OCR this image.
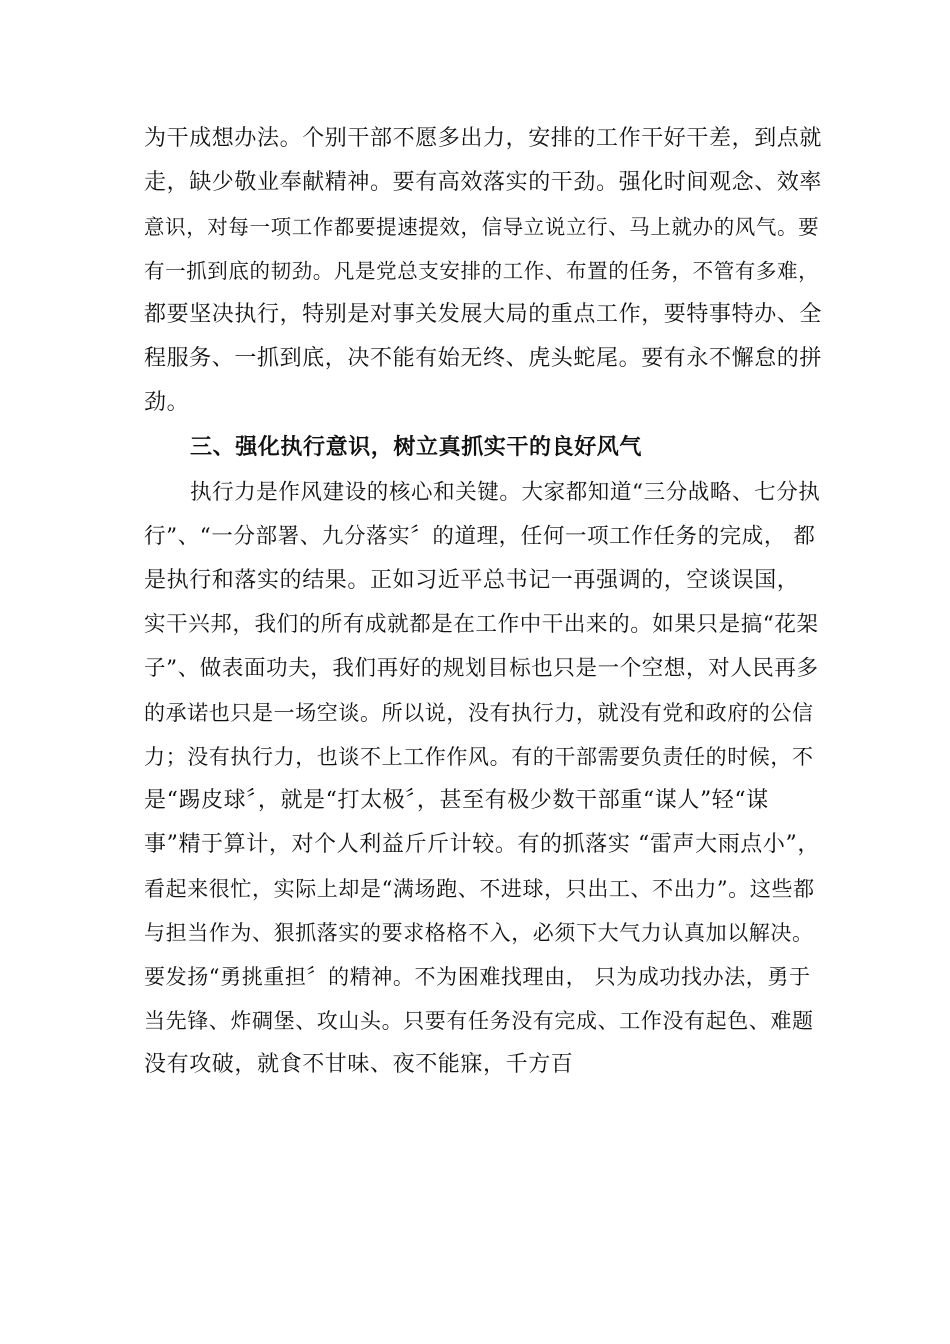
为干成想办法。个别干部不愿多出力，安排的工作干好干差，到点就
走，缺少敬业奉献精神。要有高效落实的干劲。强化时间观念、效率
意识，对每一项工作都要提速提效，信导立说立行、马上就办的风气。要
有一抓到底的韧劲。凡是党总支安排的工作、布置的任务，不管有多难，
都要坚决执行，特别是对事关发展大局的重点工作，要特事特办、全
程服务、一抓到底，决不能有始无终、虎头蛇尾。要有永不懈怠的拼
劲。
三、强化执行意识，树立真抓实干的良好风气
执行力是作风建设的核心和关键。大家都知道“三分战略、七分执
行”、“一分部署、九分落实〞的道理，任何一项工作任务的完成， 都
是执行和落实的结果。正如习近平总书记一再强调的，空谈误国，
实干兴邦，我们的所有成就都是在工作中干出来的。如果只是搞“花架
子”、做表面功夫，我们再好的规划目标也只是一个空想，对人民再多
的承诺也只是一场空谈。所以说，没有执行力，就没有党和政府的公信
力；没有执行力，也谈不上工作作风。有的干部需要负责任的时候，不
是“踢皮球〞，就是“打太极〞，甚至有极少数干部重“谋人”轻“谋
事”精于算计，对个人利益斤斤计较。有的抓落实 “雷声大雨点小”，
看起来很忙，实际上却是“满场跑、不进球，只出工、不出力”。这些都
与担当作为、狠抓落实的要求格格不入，必须下大气力认真加以解决。
要发扬“勇挑重担〞的精神。不为困难找理由， 只为成功找办法，勇于
当先锋、炸碉堡、攻山头。只要有任务没有完成、工作没有起色、难题
没有攻破，就食不甘味、夜不能寐，千方百
